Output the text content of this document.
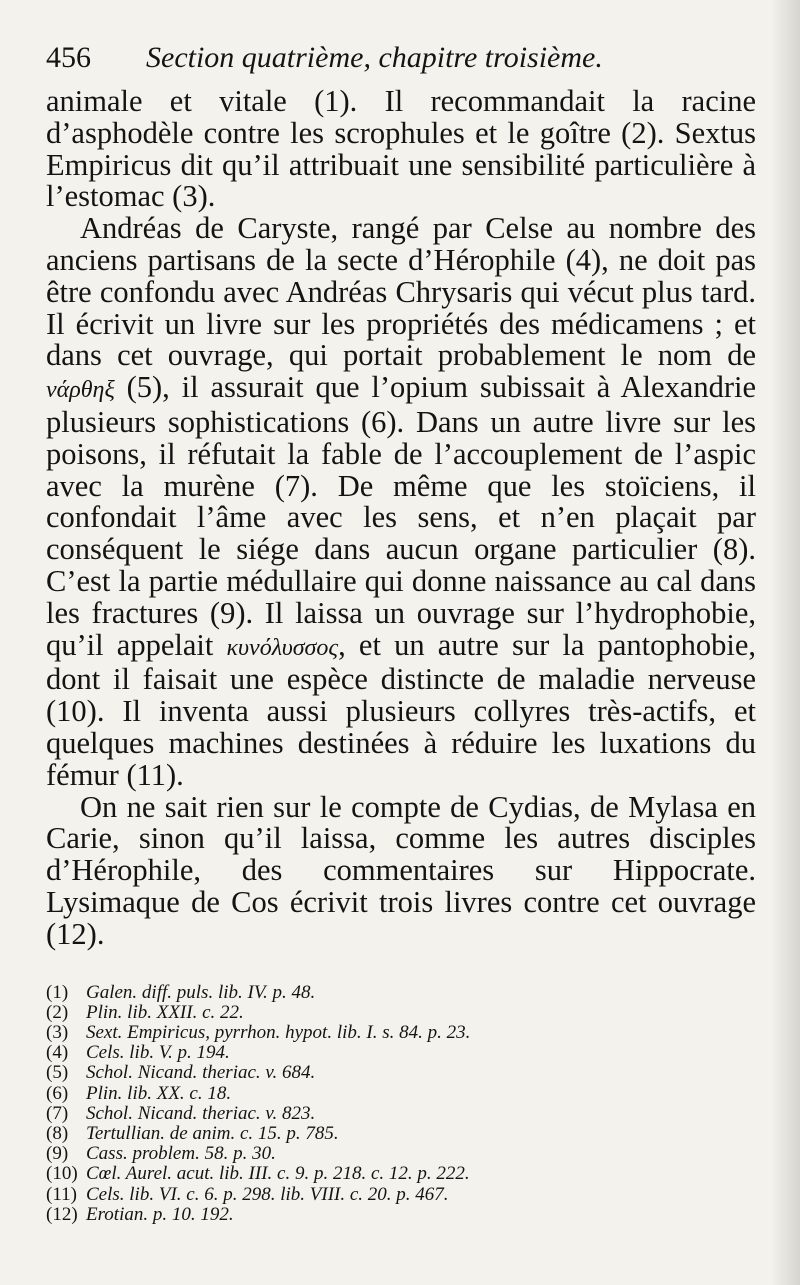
456	Section quatrième, chapitre troisième.

animale et vitale (1). Il recommandait la racine d’asphodèle contre les scrophules et le goître (2). Sextus Empiricus dit qu’il attribuait une sensibilité particulière à l’estomac (3).

Andréas de Caryste, rangé par Celse au nombre des anciens partisans de la secte d’Hérophile (4), ne doit pas être confondu avec Andréas Chrysaris qui vécut plus tard. Il écrivit un livre sur les propriétés des médicamens ; et dans cet ouvrage, qui portait probablement le nom de νάρθηξ (5), il assurait que l’opium subissait à Alexandrie plusieurs sophistications (6). Dans un autre livre sur les poisons, il réfutait la fable de l’accouplement de l’aspic avec la murène (7). De même que les stoïciens, il confondait l’âme avec les sens, et n’en plaçait par conséquent le siége dans aucun organe particulier (8). C’est la partie médullaire qui donne naissance au cal dans les fractures (9). Il laissa un ouvrage sur l’hydrophobie, qu’il appelait κυνόλυσσος, et un autre sur la pantophobie, dont il faisait une espèce distincte de maladie nerveuse (10). Il inventa aussi plusieurs collyres très-actifs, et quelques machines destinées à réduire les luxations du fémur (11).

On ne sait rien sur le compte de Cydias, de Mylasa en Carie, sinon qu’il laissa, comme les autres disciples d’Hérophile, des commentaires sur Hippocrate. Lysimaque de Cos écrivit trois livres contre cet ouvrage (12).

(1) Galen. diff. puls. lib. IV. p. 48.
(2) Plin. lib. XXII. c. 22.
(3) Sext. Empiricus, pyrrhon. hypot. lib. I. s. 84. p. 23.
(4) Cels. lib. V. p. 194.
(5) Schol. Nicand. theriac. v. 684.
(6) Plin. lib. XX. c. 18.
(7) Schol. Nicand. theriac. v. 823.
(8) Tertullian. de anim. c. 15. p. 785.
(9) Cass. problem. 58. p. 30.
(10) Cœl. Aurel. acut. lib. III. c. 9. p. 218. c. 12. p. 222.
(11) Cels. lib. VI. c. 6. p. 298. lib. VIII. c. 20. p. 467.
(12) Erotian. p. 10. 192.
